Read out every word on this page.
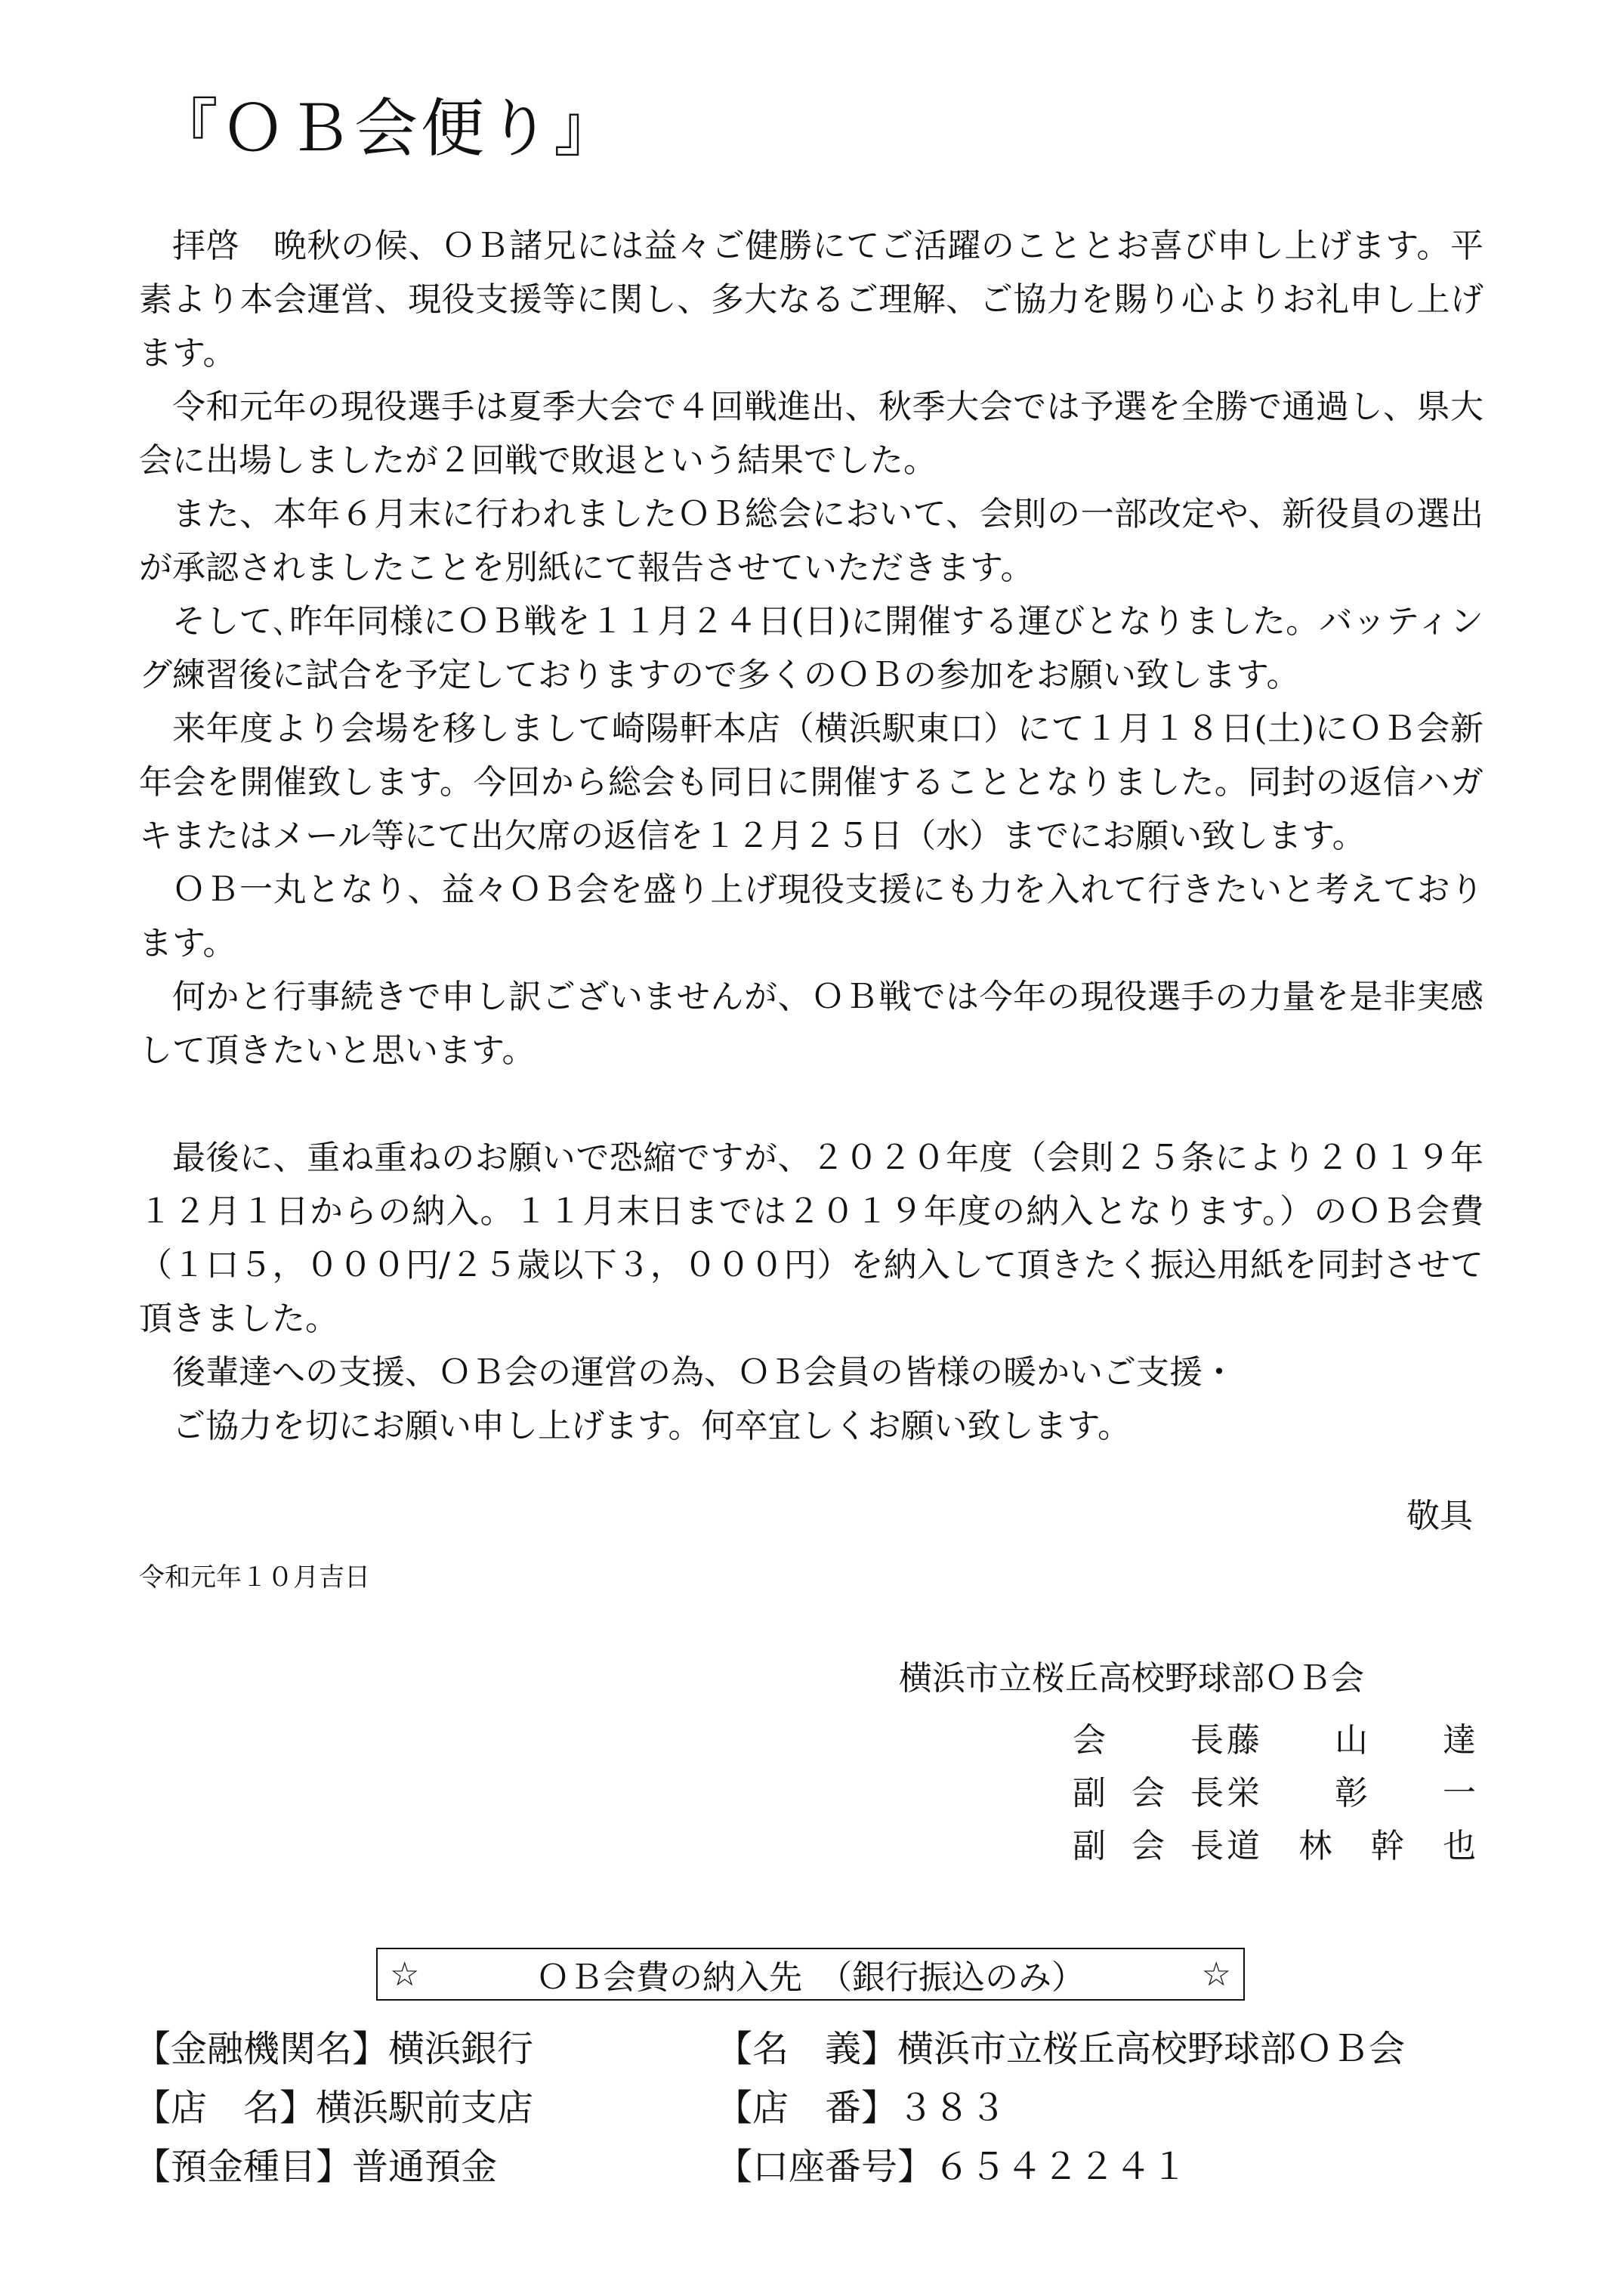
『ＯＢ会便り』

拝啓　晩秋の候、ＯＢ諸兄には益々ご健勝にてご活躍のこととお喜び申し上げます。平素より本会運営、現役支援等に関し、多大なるご理解、ご協力を賜り心よりお礼申し上げます。

令和元年の現役選手は夏季大会で４回戦進出、秋季大会では予選を全勝で通過し、県大会に出場しましたが２回戦で敗退という結果でした。

また、本年６月末に行われましたＯＢ総会において、会則の一部改定や、新役員の選出が承認されましたことを別紙にて報告させていただきます。

そして､昨年同様にＯＢ戦を１１月２４日(日)に開催する運びとなりました。バッティング練習後に試合を予定しておりますので多くのＯＢの参加をお願い致します。

来年度より会場を移しまして崎陽軒本店（横浜駅東口）にて１月１８日(土)にＯＢ会新年会を開催致します。今回から総会も同日に開催することとなりました。同封の返信ハガキまたはメール等にて出欠席の返信を１２月２５日（水）までにお願い致します。

ＯＢ一丸となり、益々ＯＢ会を盛り上げ現役支援にも力を入れて行きたいと考えております。

何かと行事続きで申し訳ございませんが、ＯＢ戦では今年の現役選手の力量を是非実感して頂きたいと思います。

最後に、重ね重ねのお願いで恐縮ですが、２０２０年度（会則２５条により２０１９年１２月１日からの納入。１１月末日までは２０１９年度の納入となります。）のＯＢ会費（１口５，０００円/２５歳以下３，０００円）を納入して頂きたく振込用紙を同封させて頂きました。

後輩達への支援、ＯＢ会の運営の為、ＯＢ会員の皆様の暖かいご支援・

ご協力を切にお願い申し上げます。何卒宜しくお願い致します。

敬具
令和元年１０月吉日
横浜市立桜丘高校野球部ＯＢ会
会長 藤山達
副会長 栄彰一
副会長 道林幹也
☆	ＯＢ会費の納入先　（銀行振込のみ）	☆
【金融機関名】横浜銀行	【名　義】横浜市立桜丘高校野球部ＯＢ会
【店　名】横浜駅前支店	【店　番】３８３
【預金種目】普通預金	【口座番号】６５４２２４１
